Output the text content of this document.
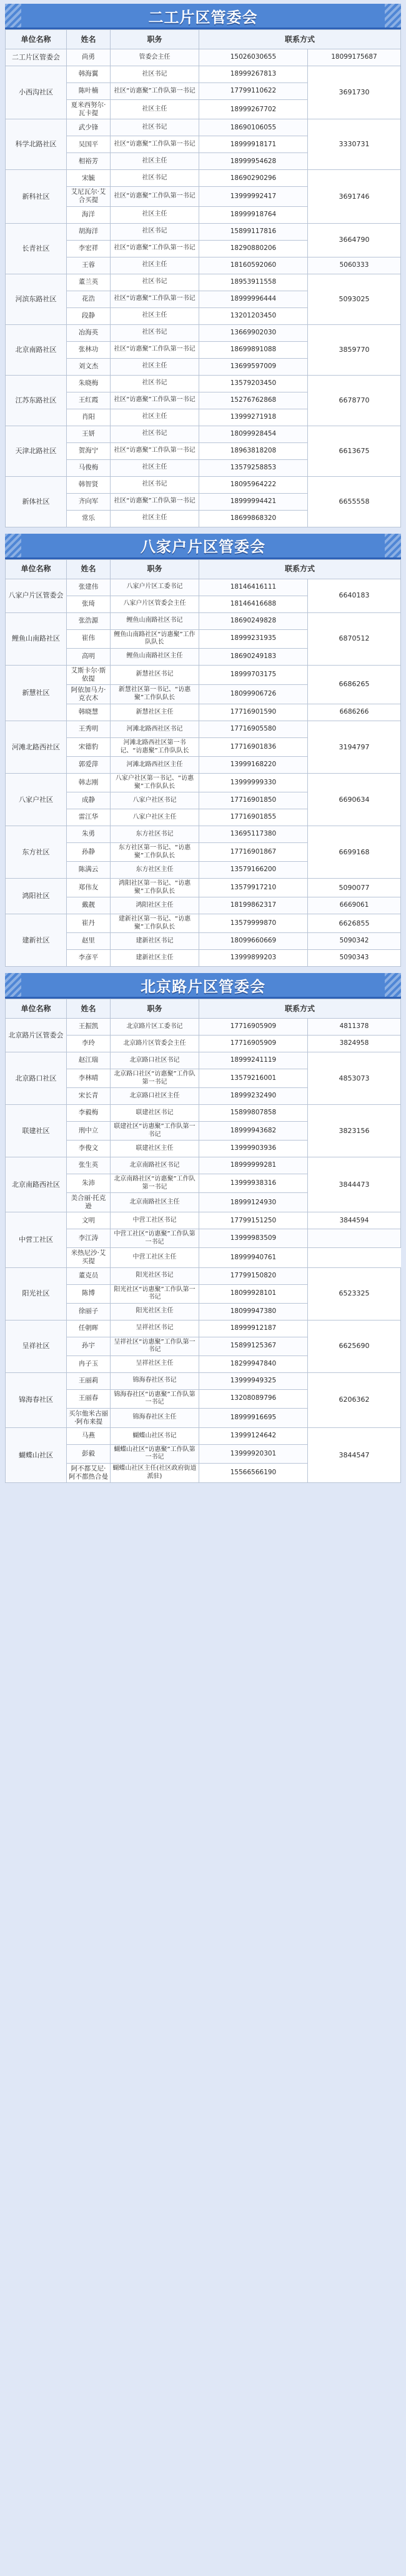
二工片区管委会
单位名称	姓名	职务	联系方式	
二工片区管委会	尚勇	管委会主任	15026030655	18099175687
小西沟社区	韩海翼	社区书记	18999267813	3691730
	陈叶楠	社区“访惠聚”工作队第一书记	17799110622	
	夏米西努尔·瓦卡提	社区主任	18999267702	
科学北路社区	武少锋	社区书记	18690106055	3330731
	吴国平	社区“访惠聚”工作队第一书记	18999918171	
	相裕芳	社区主任	18999954628	
新科社区	宋毓	社区书记	18690290296	3691746
	艾尼瓦尔·艾合买提	社区“访惠聚”工作队第一书记	13999992417	
	海洋	社区主任	18999918764	
长青社区	胡海洋	社区书记	15899117816	3664790
	李宏祥	社区“访惠聚”工作队第一书记	18290880206	
	王蓉	社区主任	18160592060	5060333
河滨东路社区	董兰英	社区书记	18953911558	5093025
	花浩	社区“访惠聚”工作队第一书记	18999996444	
	段静	社区主任	13201203450	
北京南路社区	冶海英	社区书记	13669902030	3859770
	张林功	社区“访惠聚”工作队第一书记	18699891088	
	刘文杰	社区主任	13699597009	
江苏东路社区	朱晓梅	社区书记	13579203450	6678770
	王红霞	社区“访惠聚”工作队第一书记	15276762868	
	肖阳	社区主任	13999271918	
天津北路社区	王妍	社区书记	18099928454	6613675
	贺海宁	社区“访惠聚”工作队第一书记	18963818208	
	马俊梅	社区主任	13579258853	
新体社区	韩智贤	社区书记	18095964222	6655558
	齐向军	社区“访惠聚”工作队第一书记	18999994421	
	常乐	社区主任	18699868320	
八家户片区管委会
单位名称	姓名	职务	联系方式	
八家户片区管委会	张建伟	八家户片区工委书记	18146416111	6640183
	张琦	八家户片区管委会主任	18146416688	
鲤鱼山南路社区	张浩源	鲤鱼山南路社区书记	18690249828	6870512
	崔伟	鲤鱼山南路社区“访惠聚”工作队队长	18999231935	
	高明	鲤鱼山南路社区主任	18690249183	
新慧社区	艾斯卡尔·斯依提	新慧社区书记	18999703175	6686265
	阿依加马力·克衣木	新慧社区第一书记、“访惠聚”工作队队长	18099906726	
	韩晓慧	新慧社区主任	17716901590	6686266
河滩北路西社区	王秀明	河滩北路西社区书记	17716905580	3194797
	宋德豹	河滩北路西社区第一书记、“访惠聚”工作队队长	17716901836	
	郭爱萍	河滩北路西社区主任	13999168220	
八家户社区	韩志刚	八家户社区第一书记、“访惠聚”工作队队长	13999999330	6690634
	成静	八家户社区书记	17716901850	
	雷江华	八家户社区主任	17716901855	
东方社区	朱勇	东方社区书记	13695117380	6699168
	孙静	东方社区第一书记、“访惠聚”工作队队长	17716901867	
	陈满云	东方社区主任	13579166200	
鸿阳社区	郑伟友	鸿阳社区第一书记、“访惠聚”工作队队长	13579917210	5090077
	戴靓	鸿阳社区主任	18199862317	6669061
建新社区	崔丹	建新社区第一书记、“访惠聚”工作队队长	13579999870	6626855
	赵里	建新社区书记	18099660669	5090342
	李彦平	建新社区主任	13999899203	5090343
北京路片区管委会
单位名称	姓名	职务	联系方式	
北京路片区管委会	王振凯	北京路片区工委书记	17716905909	4811378
	李玲	北京路片区管委会主任	17716905909	3824958
北京路口社区	赵江瑞	北京路口社区书记	18999241119	4853073
	李林晴	北京路口社区“访惠聚”工作队第一书记	13579216001	
	宋长青	北京路口社区主任	18999232490	
联建社区	李毅梅	联建社区书记	15899807858	3823156
	刑中立	联建社区“访惠聚”工作队第一书记	18999943682	
	李俊文	联建社区主任	13999903936	
北京南路西社区	张生英	北京南路社区书记	18999999281	3844473
	朱沛	北京南路社区“访惠聚”工作队第一书记	13999938316	
	美合丽·托克逊	北京南路社区主任	18999124930	
中营工社区	文明	中营工社区书记	17799151250	3844594
	李江涛	中营工社区“访惠聚”工作队第一书记	13999983509	
	米热尼沙·艾买提	中营工社区主任	18999940761	
阳光社区	董克员	阳光社区书记	17799150820	6523325
	陈博	阳光社区“访惠聚”工作队第一书记	18099928101	
	徐丽子	阳光社区主任	18099947380	
呈祥社区	任朝晖	呈祥社区书记	18999912187	6625690
	孙宇	呈祥社区“访惠聚”工作队第一书记	15899125367	
	冉子玉	呈祥社区主任	18299947840	
锦海春社区	王丽莉	锦海春社区书记	13999949325	6206362
	王丽春	锦海春社区“访惠聚”工作队第一书记	13208089796	
	买尔他米古丽·阿布来提	锦海春社区主任	18999916695	
蝴蝶山社区	马燕	蝴蝶山社区书记	13999124642	3844547
	彭毅	蝴蝶山社区“访惠聚”工作队第一书记	13999920301	
	阿不都艾尼·阿不都热合曼	蝴蝶山社区主任(社区政府街道派驻)	15566566190	
